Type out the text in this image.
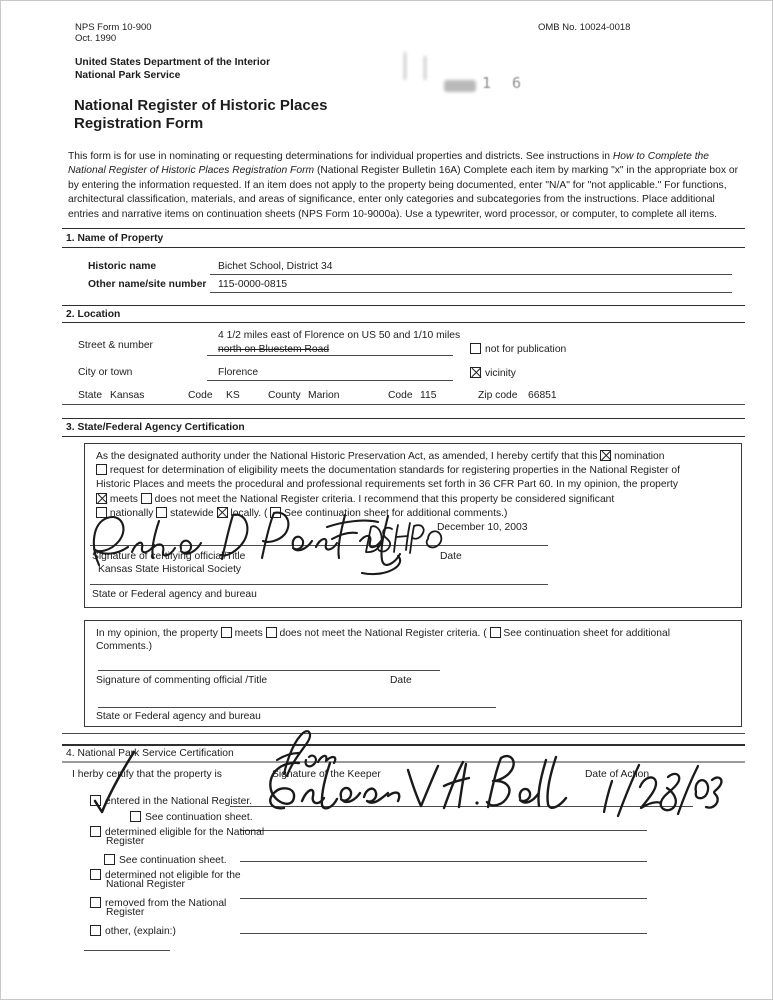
NPS Form 10-900
Oct. 1990
OMB No. 10024-0018
United States Department of the Interior
National Park Service	1 6
National Register of Historic Places
Registration Form
This form is for use in nominating or requesting determinations for individual properties and districts. See instructions in How to Complete the National Register of Historic Places Registration Form (National Register Bulletin 16A) Complete each item by marking "x" in the appropriate box or by entering the information requested. If an item does not apply to the property being documented, enter "N/A" for "not applicable." For functions, architectural classification, materials, and areas of significance, enter only categories and subcategories from the instructions. Place additional entries and narrative items on continuation sheets (NPS Form 10-9000a). Use a typewriter, word processor, or computer, to complete all items.
1. Name of Property
Historic name	Bichet School, District 34
Other name/site number 115-0000-0815
2. Location
Street & number
4 1/2 miles east of Florence on US 50 and 1/10 miles
north on Bluestem Road	not for publication
City or town	Florence	vicinity
State Kansas	Code KS	County Marion	Code 115	Zip code 66851
3. State/Federal Agency Certification
As the designated authority under the National Historic Preservation Act, as amended, I hereby certify that this nomination
request for determination of eligibility meets the documentation standards for registering properties in the National Register of
Historic Places and meets the procedural and professional requirements set forth in 36 CFR Part 60. In my opinion, the property
meets does not meet the National Register criteria. I recommend that this property be considered significant
nationally statewide locally. ( See continuation sheet for additional comments.)
December 10, 2003
Signature of certifying official/Title	Date
Kansas State Historical Society
State or Federal agency and bureau
In my opinion, the property meets does not meet the National Register criteria. ( See continuation sheet for additional
Comments.)
Signature of commenting official /Title	Date
State or Federal agency and bureau
4. National Park Service Certification
I herby certify that the property is	Signature of the Keeper	Date of Action
entered in the National Register.
See continuation sheet.
determined eligible for the National
Register
See continuation sheet.
determined not eligible for the
National Register
removed from the National
Register
other, (explain:)
